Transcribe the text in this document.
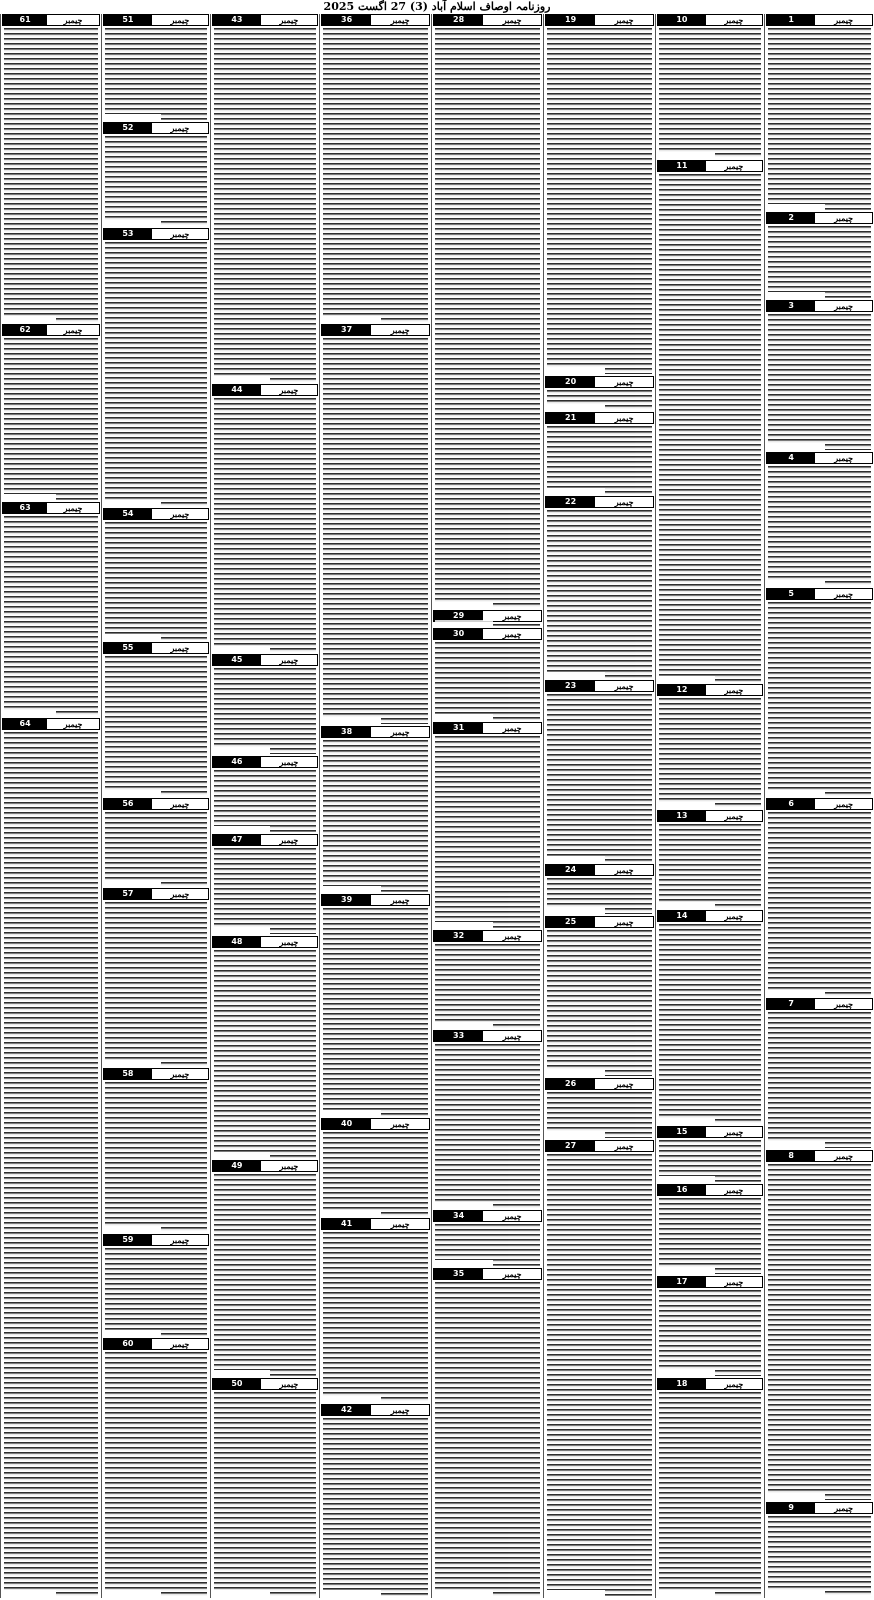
روزنامہ اوصاف اسلام آباد (3) 27 اگست 2025
1	چیمبر
2	چیمبر
3	چیمبر
4	چیمبر
5	چیمبر
6	چیمبر
7	چیمبر
8	چیمبر
9	چیمبر
10	چیمبر
11	چیمبر
12	چیمبر
13	چیمبر
14	چیمبر
15	چیمبر
16	چیمبر
17	چیمبر
18	چیمبر
19	چیمبر
20	چیمبر
21	چیمبر
22	چیمبر
23	چیمبر
24	چیمبر
25	چیمبر
26	چیمبر
27	چیمبر
28	چیمبر
29	چیمبر
30	چیمبر
31	چیمبر
32	چیمبر
33	چیمبر
34	چیمبر
35	چیمبر
36	چیمبر
37	چیمبر
38	چیمبر
39	چیمبر
40	چیمبر
41	چیمبر
42	چیمبر
43	چیمبر
44	چیمبر
45	چیمبر
46	چیمبر
47	چیمبر
48	چیمبر
49	چیمبر
50	چیمبر
51	چیمبر
52	چیمبر
53	چیمبر
54	چیمبر
55	چیمبر
56	چیمبر
57	چیمبر
58	چیمبر
59	چیمبر
60	چیمبر
61	چیمبر
62	چیمبر
63	چیمبر
64	چیمبر
